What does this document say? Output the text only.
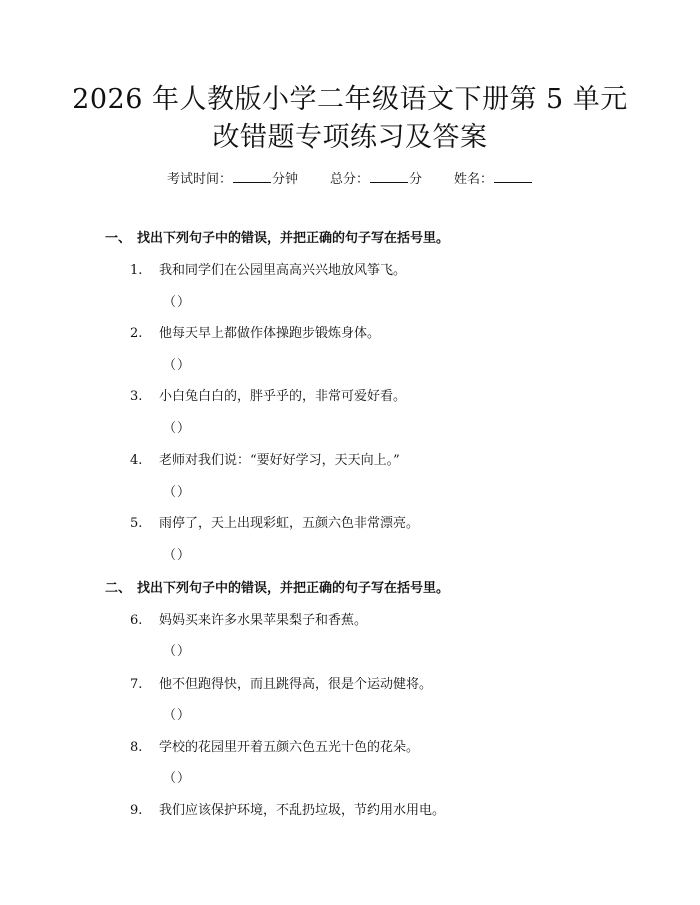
2026 年人教版小学二年级语文下册第 5 单元
改错题专项练习及答案
考试时间：	分钟 总分：	分 姓名：
一、 找出下列句子中的错误，并把正确的句子写在括号里。
1. 我和同学们在公园里高高兴兴地放风筝飞。
（）
2. 他每天早上都做作体操跑步锻炼身体。
（）
3. 小白兔白白的，胖乎乎的，非常可爱好看。
（）
4. 老师对我们说：“要好好学习，天天向上。”
（）
5. 雨停了，天上出现彩虹，五颜六色非常漂亮。
（）
二、 找出下列句子中的错误，并把正确的句子写在括号里。
6. 妈妈买来许多水果苹果梨子和香蕉。
（）
7. 他不但跑得快，而且跳得高，很是个运动健将。
（）
8. 学校的花园里开着五颜六色五光十色的花朵。
（）
9. 我们应该保护环境，不乱扔垃圾，节约用水用电。
